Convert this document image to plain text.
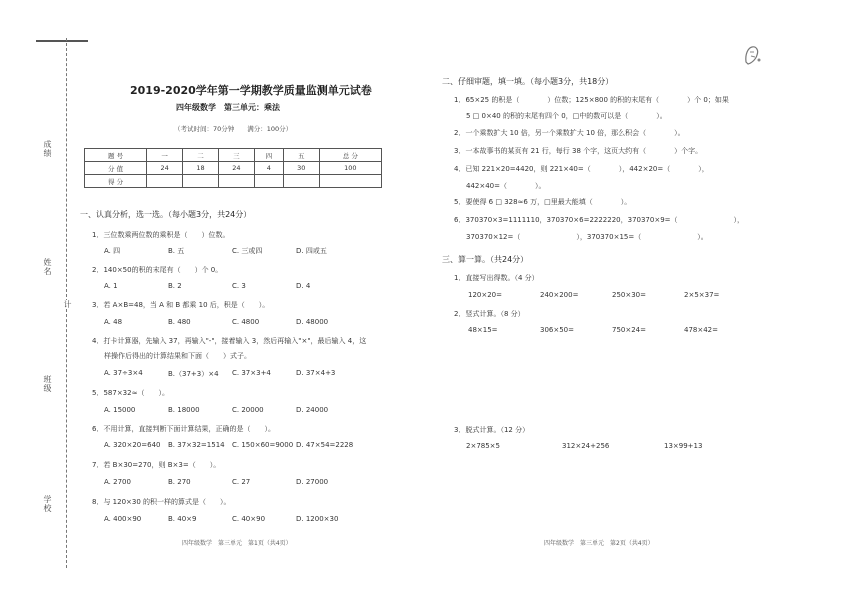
成绩
姓名
计
班级
学校
2019-2020学年第一学期教学质量监测单元试卷
四年级数学　第三单元：乘法
（考试时间：70分钟　　满分：100分）
题 号	一	二	三	四	五	总 分
分 值	24	18	24	4	30	100
得 分						
一、认真分析，选一选。（每小题3分，共24分）
1．三位数乘两位数的乘积是（　　）位数。
A. 四	B. 五	C. 三或四	D. 四或五
2．140×50的积的末尾有（　　）个 0。
A. 1	B. 2	C. 3	D. 4
3．若 A×B=48，当 A 和 B 都乘 10 后，积是（　　）。
A. 48	B. 480	C. 4800	D. 48000
4．打卡计算器，先输入 37，再输入"-"，接着输入 3，然后再输入"×"，最后输入 4，这
样操作后得出的计算结果和下面（　　）式子。
A. 37÷3×4	B.（37+3）×4 C. 37×3+4	D. 37×4+3
5．587×32≈（　　）。
A. 15000	B. 18000	C. 20000	D. 24000
6．不用计算，直接判断下面计算结果，正确的是（　　）。
A. 320×20=640 B. 37×32=1514 C. 150×60=9000 D. 47×54=2228
7．若 B×30=270，则 B×3=（　　）。
A. 2700	B. 270	C. 27	D. 27000
8．与 120×30 的积一样的算式是（　　）。
A. 400×90	B. 40×9	C. 40×90	D. 1200×30
四年级数学　第三单元　第1页（共4页）
二、仔细审题，填一填。（每小题3分，共18分）
1．65×25 的积是（　　　　）位数；125×800 的积的末尾有（　　　　）个 0；如果
5 □ 0×40 的积的末尾有四个 0，□中的数可以是（　　　　）。
2．一个乘数扩大 10 倍，另一个乘数扩大 10 倍，那么积会（　　　　）。
3．一本故事书的某页有 21 行，每行 38 个字，这页大约有（　　　　）个字。
4．已知 221×20=4420，则 221×40=（　　　　），442×20=（　　　　），
442×40=（　　　　）。
5．要使得 6 □ 328≈6 万，□里最大能填（　　　　）。
6．370370×3=1111110，370370×6=2222220，370370×9=（　　　　　　　　），
370370×12=（　　　　　　　　），370370×15=（　　　　　　　　）。
三、算一算。（共24分）
1．直接写出得数。（4 分）
120×20=	240×200=	250×30=	2×5×37=
2．竖式计算。（8 分）
48×15=	306×50=	750×24=	478×42=
3．脱式计算。（12 分）
2×785×5	312×24+256	13×99+13
四年级数学　第三单元　第2页（共4页）
